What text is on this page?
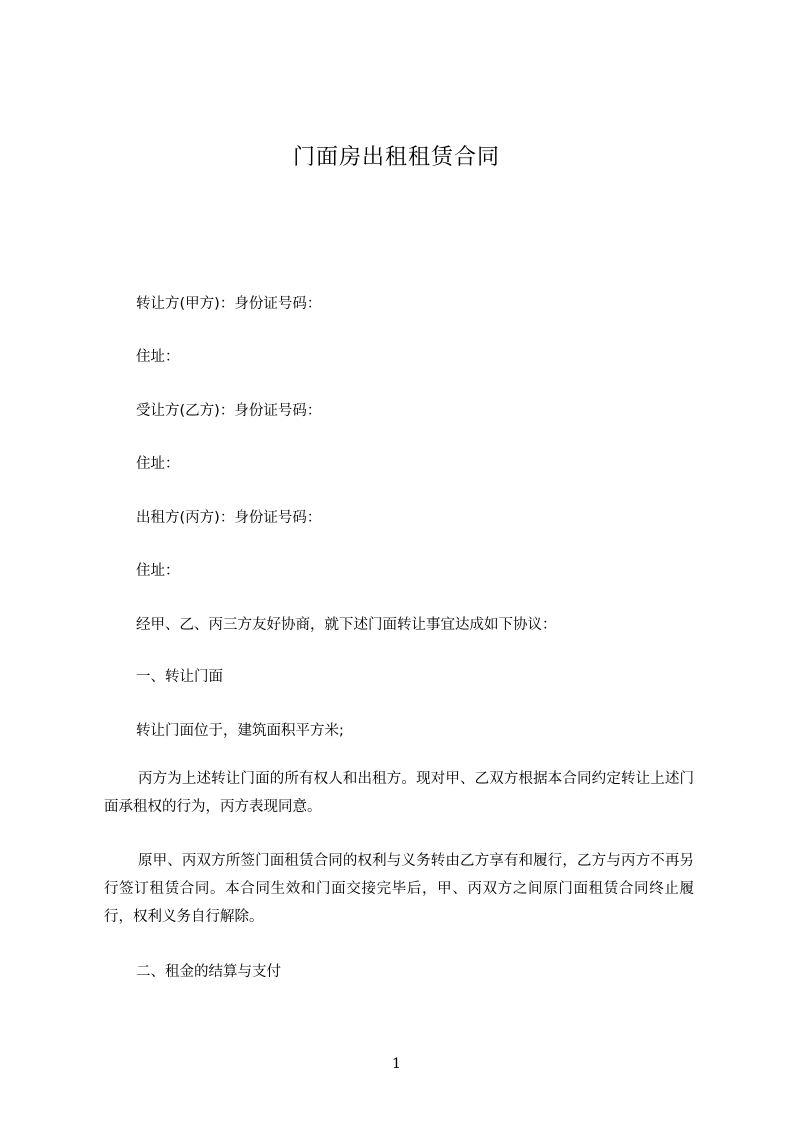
门面房出租租赁合同
转让方(甲方)：身份证号码：
住址：
受让方(乙方)：身份证号码：
住址：
出租方(丙方)：身份证号码：
住址：
经甲、乙、丙三方友好协商，就下述门面转让事宜达成如下协议：
一、转让门面
转让门面位于，建筑面积平方米;
丙方为上述转让门面的所有权人和出租方。现对甲、乙双方根据本合同约定转让上述门面承租权的行为，丙方表现同意。
原甲、丙双方所签门面租赁合同的权利与义务转由乙方享有和履行，乙方与丙方不再另行签订租赁合同。本合同生效和门面交接完毕后，甲、丙双方之间原门面租赁合同终止履行，权利义务自行解除。
二、租金的结算与支付
1
